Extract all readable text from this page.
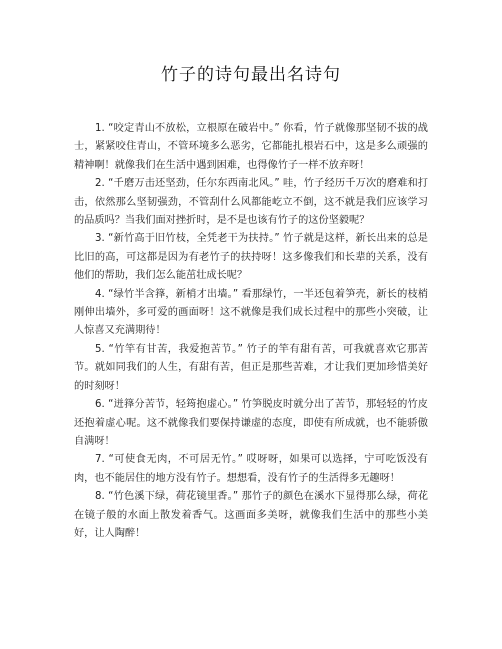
竹子的诗句最出名诗句

1. “咬定青山不放松，立根原在破岩中。” 你看，竹子就像那坚韧不拔的战士，紧紧咬住青山，不管环境多么恶劣，它都能扎根岩石中，这是多么顽强的精神啊！就像我们在生活中遇到困难，也得像竹子一样不放弃呀！

2. “千磨万击还坚劲，任尔东西南北风。” 哇，竹子经历千万次的磨难和打击，依然那么坚韧强劲，不管刮什么风都能屹立不倒，这不就是我们应该学习的品质吗？当我们面对挫折时，是不是也该有竹子的这份坚毅呢？

3. “新竹高于旧竹枝，全凭老干为扶持。” 竹子就是这样，新长出来的总是比旧的高，可这都是因为有老竹子的扶持呀！这多像我们和长辈的关系，没有他们的帮助，我们怎么能茁壮成长呢？

4. “绿竹半含箨，新梢才出墙。” 看那绿竹，一半还包着笋壳，新长的枝梢刚伸出墙外，多可爱的画面呀！这不就像是我们成长过程中的那些小突破，让人惊喜又充满期待！

5. “竹竿有甘苦，我爱抱苦节。” 竹子的竿有甜有苦，可我就喜欢它那苦节。就如同我们的人生，有甜有苦，但正是那些苦难，才让我们更加珍惜美好的时刻呀！

6. “迸箨分苦节，轻筠抱虚心。” 竹笋脱皮时就分出了苦节，那轻轻的竹皮还抱着虚心呢。这不就像我们要保持谦虚的态度，即使有所成就，也不能骄傲自满呀！

7. “可使食无肉，不可居无竹。” 哎呀呀，如果可以选择，宁可吃饭没有肉，也不能居住的地方没有竹子。想想看，没有竹子的生活得多无趣呀！

8. “竹色溪下绿，荷花镜里香。” 那竹子的颜色在溪水下显得那么绿，荷花在镜子般的水面上散发着香气。这画面多美呀，就像我们生活中的那些小美好，让人陶醉！
